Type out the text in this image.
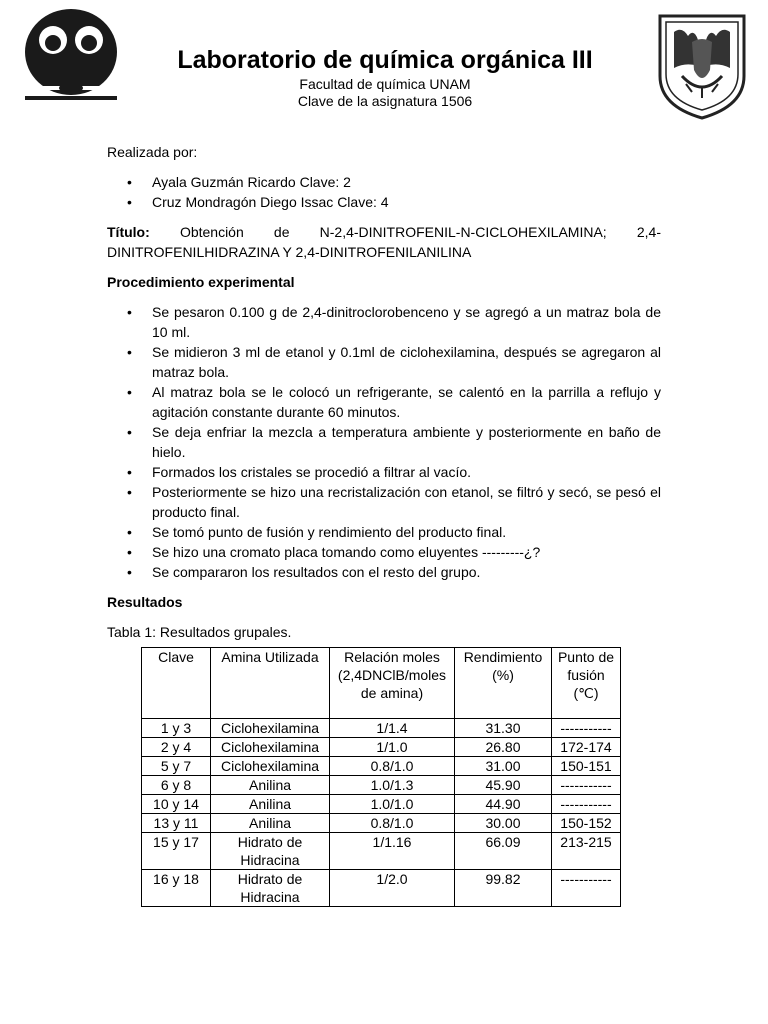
Laboratorio de química orgánica III
Facultad de química UNAM
Clave de la asignatura 1506

Realizada por:

• Ayala Guzmán Ricardo Clave: 2
• Cruz Mondragón Diego Issac Clave: 4

Título: Obtención de N-2,4-DINITROFENIL-N-CICLOHEXILAMINA; 2,4-DINITROFENILHIDRAZINA Y 2,4-DINITROFENILANILINA

Procedimiento experimental

• Se pesaron 0.100 g de 2,4-dinitroclorobenceno y se agregó a un matraz bola de 10 ml.
• Se midieron 3 ml de etanol y 0.1ml de ciclohexilamina, después se agregaron al matraz bola.
• Al matraz bola se le colocó un refrigerante, se calentó en la parrilla a reflujo y agitación constante durante 60 minutos.
• Se deja enfriar la mezcla a temperatura ambiente y posteriormente en baño de hielo.
• Formados los cristales se procedió a filtrar al vacío.
• Posteriormente se hizo una recristalización con etanol, se filtró y secó, se pesó el producto final.
• Se tomó punto de fusión y rendimiento del producto final.
• Se hizo una cromato placa tomando como eluyentes ---------¿?
• Se compararon los resultados con el resto del grupo.

Resultados

Tabla 1: Resultados grupales.

Clave	Amina Utilizada	Relación moles (2,4DNClB/moles de amina)	Rendimiento (%)	Punto de fusión (℃)
1 y 3	Ciclohexilamina	1/1.4	31.30	-----------
2 y 4	Ciclohexilamina	1/1.0	26.80	172-174
5 y 7	Ciclohexilamina	0.8/1.0	31.00	150-151
6 y 8	Anilina	1.0/1.3	45.90	-----------
10 y 14	Anilina	1.0/1.0	44.90	-----------
13 y 11	Anilina	0.8/1.0	30.00	150-152
15 y 17	Hidrato de Hidracina	1/1.16	66.09	213-215
16 y 18	Hidrato de Hidracina	1/2.0	99.82	-----------
